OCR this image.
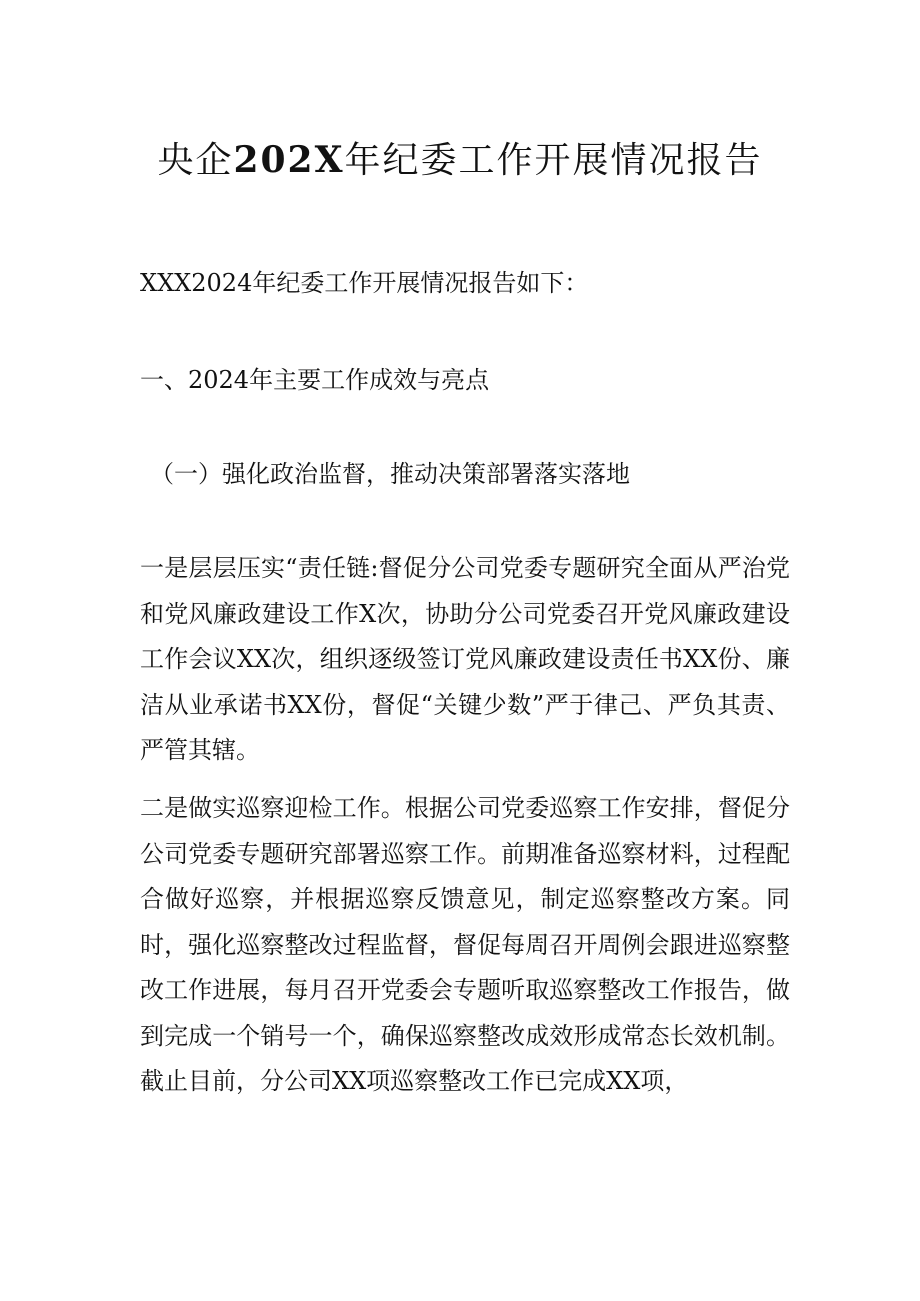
央企202X年纪委工作开展情况报告

XXX2024年纪委工作开展情况报告如下：

一、2024年主要工作成效与亮点

（一）强化政治监督，推动决策部署落实落地

一是层层压实“责任链:督促分公司党委专题研究全面从严治党和党风廉政建设工作X次，协助分公司党委召开党风廉政建设工作会议XX次，组织逐级签订党风廉政建设责任书XX份、廉洁从业承诺书XX份，督促“关键少数”严于律己、严负其责、严管其辖。

二是做实巡察迎检工作。根据公司党委巡察工作安排，督促分公司党委专题研究部署巡察工作。前期准备巡察材料，过程配合做好巡察，并根据巡察反馈意见，制定巡察整改方案。同时，强化巡察整改过程监督，督促每周召开周例会跟进巡察整改工作进展，每月召开党委会专题听取巡察整改工作报告，做到完成一个销号一个，确保巡察整改成效形成常态长效机制。截止目前，分公司XX项巡察整改工作已完成XX项，
